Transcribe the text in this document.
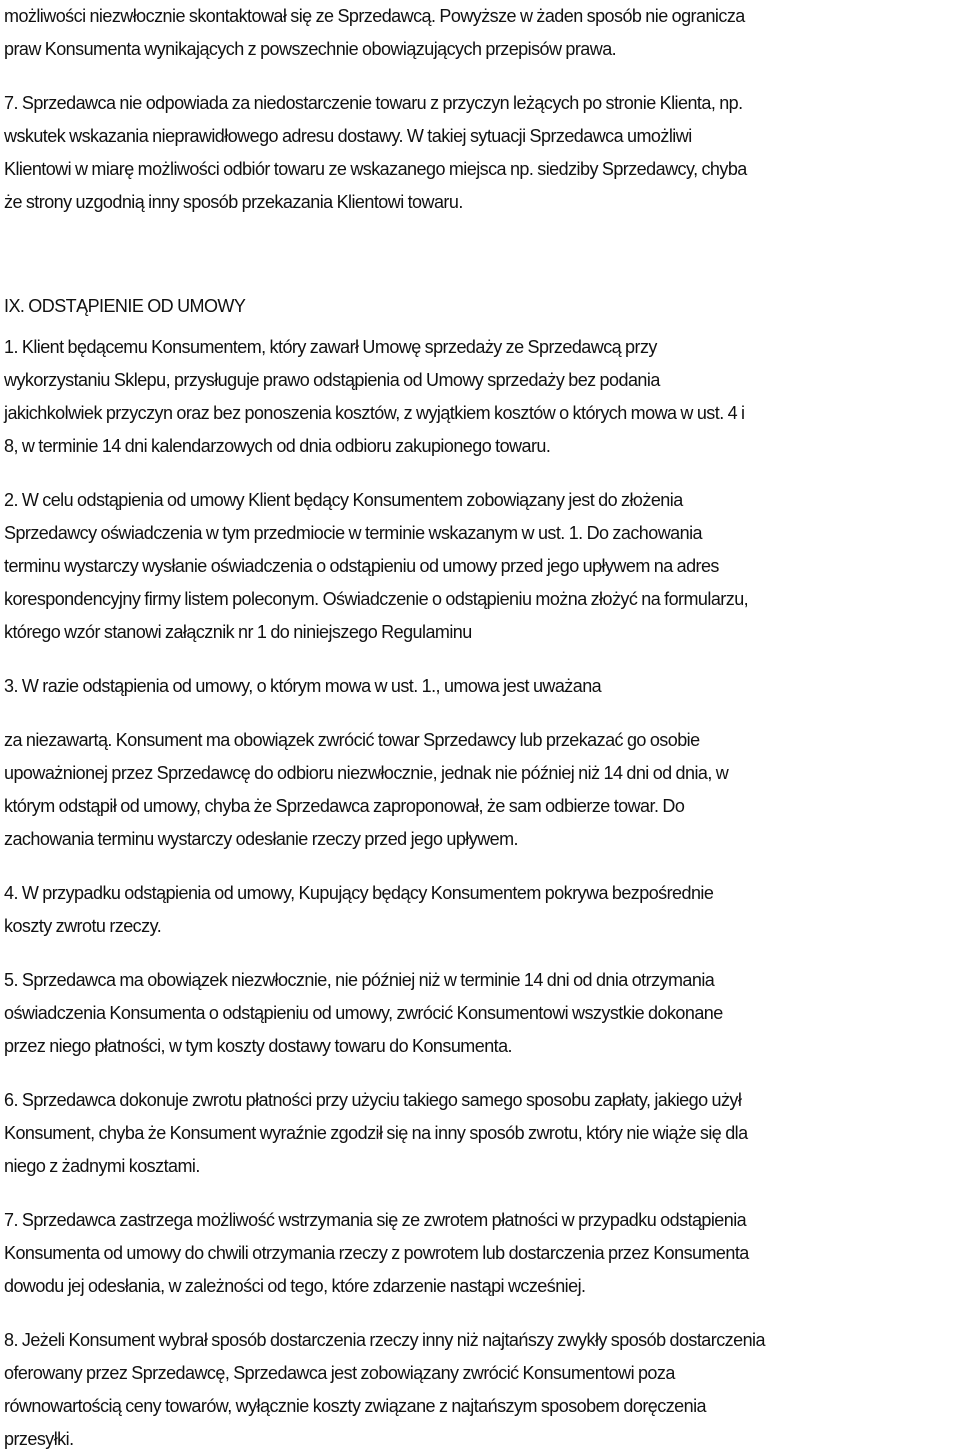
możliwości niezwłocznie skontaktował się ze Sprzedawcą. Powyższe w żaden sposób nie ogranicza
praw Konsumenta wynikających z powszechnie obowiązujących przepisów prawa.
7. Sprzedawca nie odpowiada za niedostarczenie towaru z przyczyn leżących po stronie Klienta, np.
wskutek wskazania nieprawidłowego adresu dostawy. W takiej sytuacji Sprzedawca umożliwi
Klientowi w miarę możliwości odbiór towaru ze wskazanego miejsca np. siedziby Sprzedawcy, chyba
że strony uzgodnią inny sposób przekazania Klientowi towaru.
IX. ODSTĄPIENIE OD UMOWY
1. Klient będącemu Konsumentem, który zawarł Umowę sprzedaży ze Sprzedawcą przy
wykorzystaniu Sklepu, przysługuje prawo odstąpienia od Umowy sprzedaży bez podania
jakichkolwiek przyczyn oraz bez ponoszenia kosztów, z wyjątkiem kosztów o których mowa w ust. 4 i
8, w terminie 14 dni kalendarzowych od dnia odbioru zakupionego towaru.
2. W celu odstąpienia od umowy Klient będący Konsumentem zobowiązany jest do złożenia
Sprzedawcy oświadczenia w tym przedmiocie w terminie wskazanym w ust. 1. Do zachowania
terminu wystarczy wysłanie oświadczenia o odstąpieniu od umowy przed jego upływem na adres
korespondencyjny firmy listem poleconym. Oświadczenie o odstąpieniu można złożyć na formularzu,
którego wzór stanowi załącznik nr 1 do niniejszego Regulaminu
3. W razie odstąpienia od umowy, o którym mowa w ust. 1., umowa jest uważana
za niezawartą. Konsument ma obowiązek zwrócić towar Sprzedawcy lub przekazać go osobie
upoważnionej przez Sprzedawcę do odbioru niezwłocznie, jednak nie później niż 14 dni od dnia, w
którym odstąpił od umowy, chyba że Sprzedawca zaproponował, że sam odbierze towar. Do
zachowania terminu wystarczy odesłanie rzeczy przed jego upływem.
4. W przypadku odstąpienia od umowy, Kupujący będący Konsumentem pokrywa bezpośrednie
koszty zwrotu rzeczy.
5. Sprzedawca ma obowiązek niezwłocznie, nie później niż w terminie 14 dni od dnia otrzymania
oświadczenia Konsumenta o odstąpieniu od umowy, zwrócić Konsumentowi wszystkie dokonane
przez niego płatności, w tym koszty dostawy towaru do Konsumenta.
6. Sprzedawca dokonuje zwrotu płatności przy użyciu takiego samego sposobu zapłaty, jakiego użył
Konsument, chyba że Konsument wyraźnie zgodził się na inny sposób zwrotu, który nie wiąże się dla
niego z żadnymi kosztami.
7. Sprzedawca zastrzega możliwość wstrzymania się ze zwrotem płatności w przypadku odstąpienia
Konsumenta od umowy do chwili otrzymania rzeczy z powrotem lub dostarczenia przez Konsumenta
dowodu jej odesłania, w zależności od tego, które zdarzenie nastąpi wcześniej.
8. Jeżeli Konsument wybrał sposób dostarczenia rzeczy inny niż najtańszy zwykły sposób dostarczenia
oferowany przez Sprzedawcę, Sprzedawca jest zobowiązany zwrócić Konsumentowi poza
równowartością ceny towarów, wyłącznie koszty związane z najtańszym sposobem doręczenia
przesyłki.
